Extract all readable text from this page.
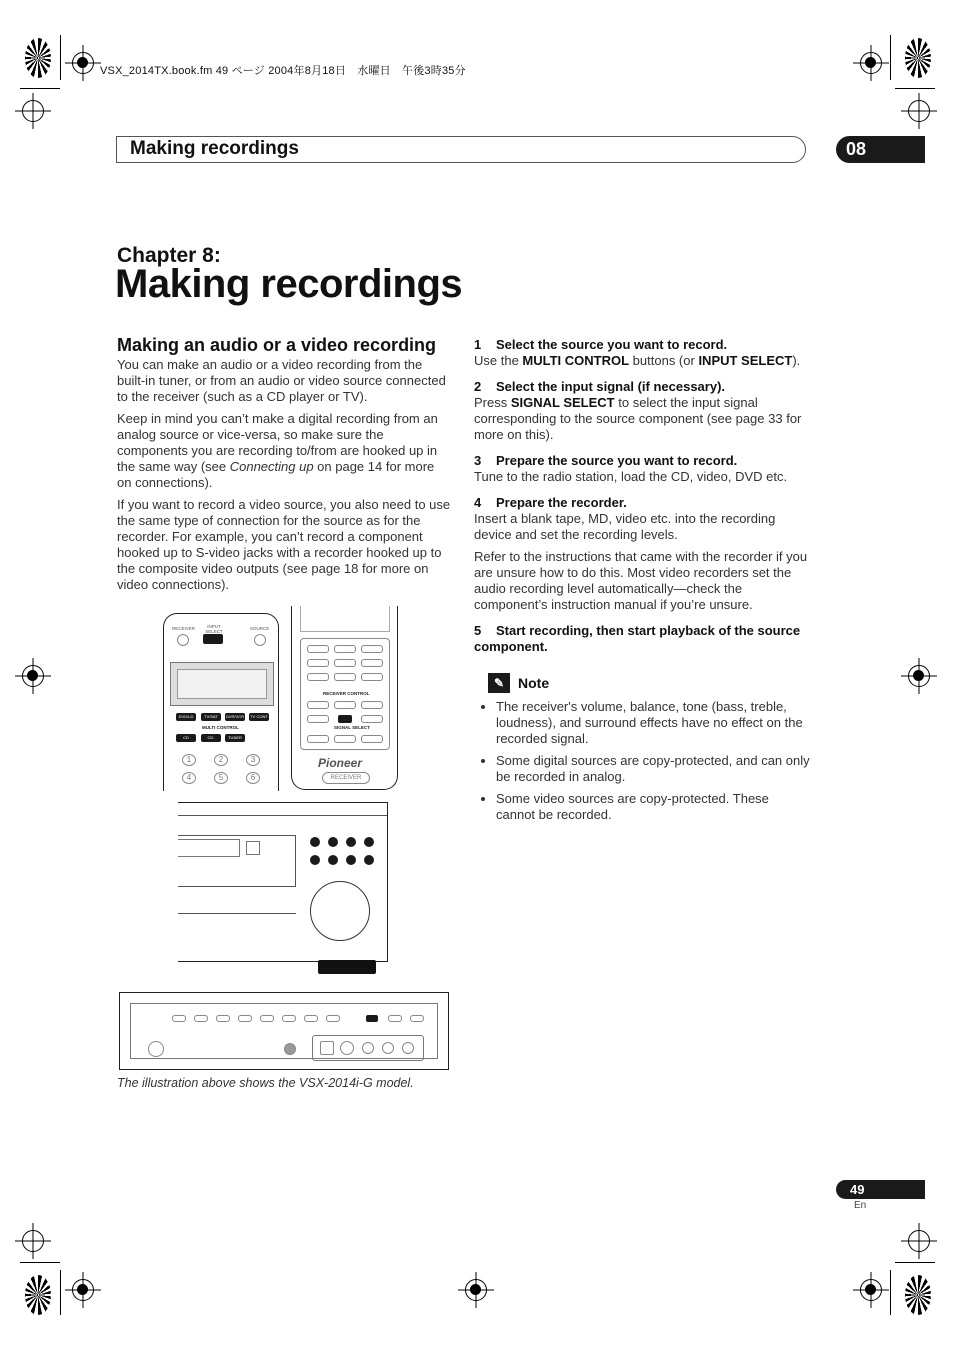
VSX_2014TX.book.fm 49 ページ 2004年8月18日　水曜日　午後3時35分
Making recordings	08
Chapter 8:
Making recordings
Making an audio or a video recording

You can make an audio or a video recording from the built-in tuner, or from an audio or video source connected to the receiver (such as a CD player or TV).

Keep in mind you can’t make a digital recording from an analog source or vice-versa, so make sure the components you are recording to/from are hooked up in the same way (see Connecting up on page 14 for more on connections).

If you want to record a video source, you also need to use the same type of connection for the source as for the recorder. For example, you can’t record a component hooked up to S-video jacks with a recorder hooked up to the composite video outputs (see page 18 for more on video connections).

1 Select the source you want to record.
Use the MULTI CONTROL buttons (or INPUT SELECT).
2 Select the input signal (if necessary).
Press SIGNAL SELECT to select the input signal corresponding to the source component (see page 33 for more on this).
3 Prepare the source you want to record.
Tune to the radio station, load the CD, video, DVD etc.
4 Prepare the recorder.
Insert a blank tape, MD, video etc. into the recording device and set the recording levels.
Refer to the instructions that came with the recorder if you are unsure how to do this. Most video recorders set the audio recording level automatically—check the component’s instruction manual if you’re unsure.
5 Start recording, then start playback of the source component.
✎ Note
• The receiver's volume, balance, tone (bass, treble, loudness), and surround effects have no effect on the recorded signal.
• Some digital sources are copy-protected, and can only be recorded in analog.
• Some video sources are copy-protected. These cannot be recorded.
RECEIVER	INPUT SELECT
SOURCE
DVD/LD	TV/SAT	DVR/VCR	TV CONT
MULTI CONTROL
CD	CD-R/TAPE
TUNER
1	2	3
4	5	6
RECEIVER CONTROL
SIGNAL SELECT
Pioneer
RECEIVER
The illustration above shows the VSX-2014i-G model.
49
En
